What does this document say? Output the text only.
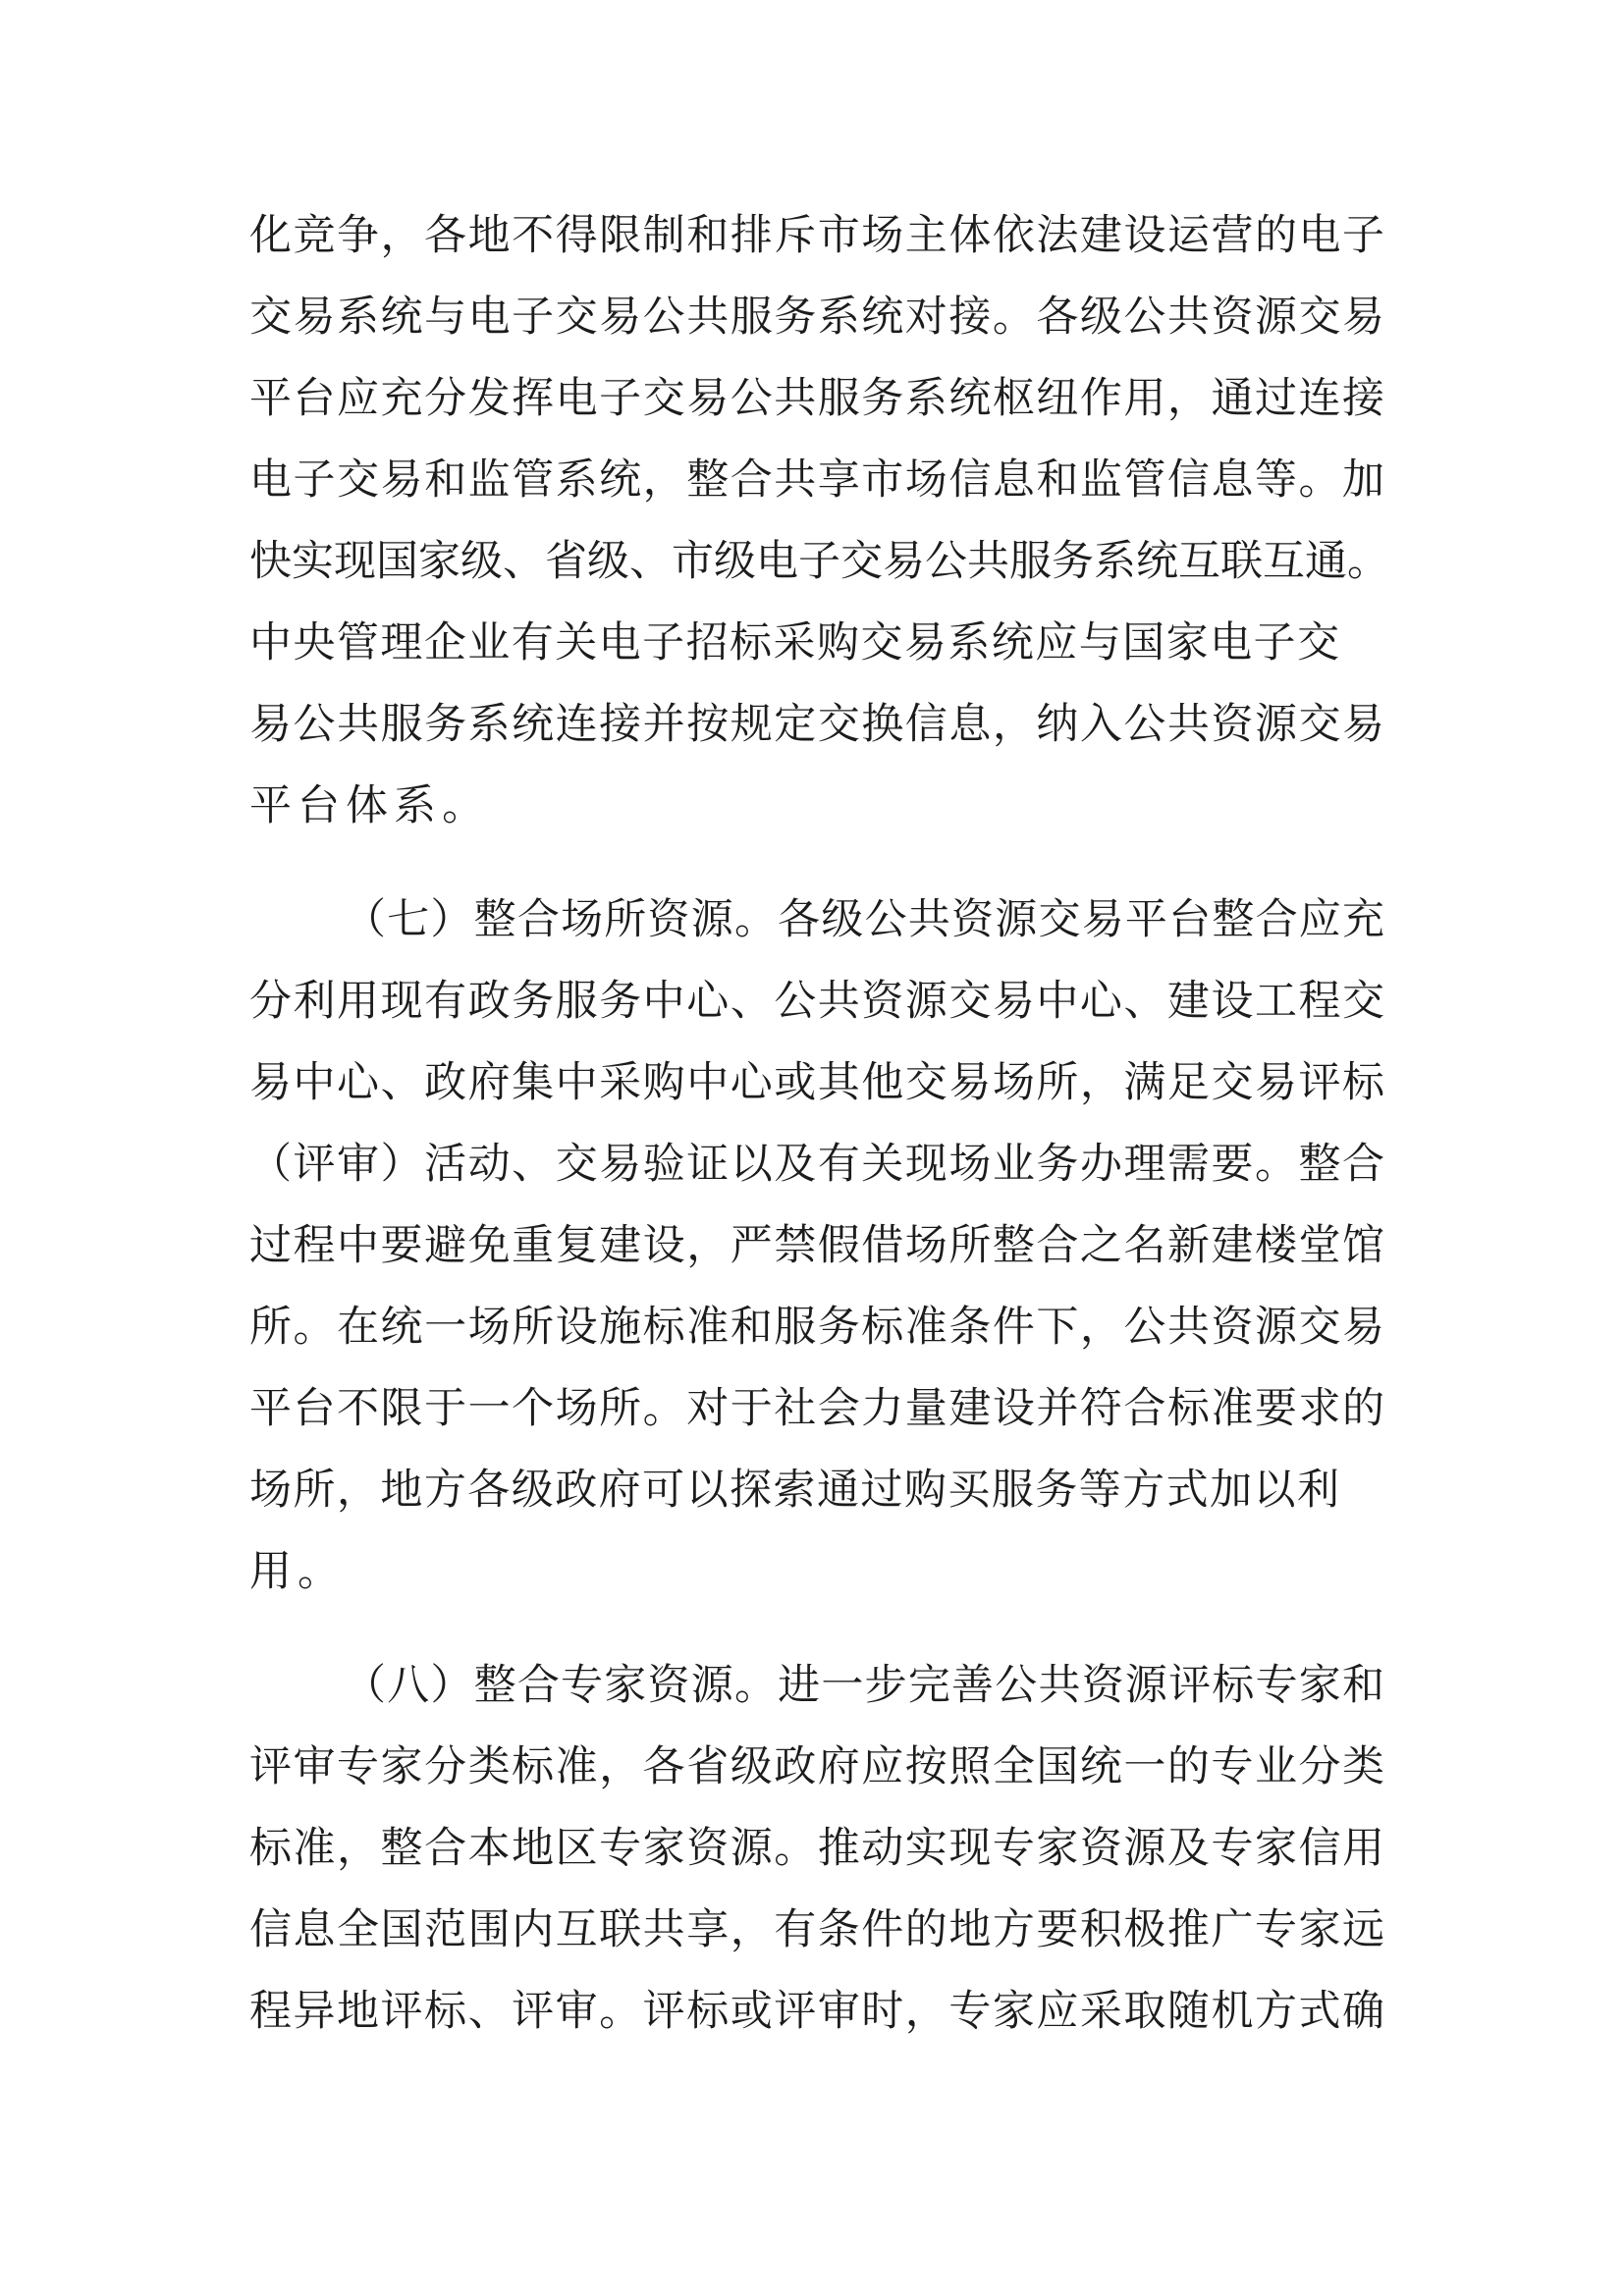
化竞争，各地不得限制和排斥市场主体依法建设运营的电子
交易系统与电子交易公共服务系统对接。各级公共资源交易
平台应充分发挥电子交易公共服务系统枢纽作用，通过连接
电子交易和监管系统，整合共享市场信息和监管信息等。加
快实现国家级、省级、市级电子交易公共服务系统互联互通。
中央管理企业有关电子招标采购交易系统应与国家电子交
易公共服务系统连接并按规定交换信息，纳入公共资源交易
平台体系。
（七）整合场所资源。各级公共资源交易平台整合应充
分利用现有政务服务中心、公共资源交易中心、建设工程交
易中心、政府集中采购中心或其他交易场所，满足交易评标
（评审）活动、交易验证以及有关现场业务办理需要。整合
过程中要避免重复建设，严禁假借场所整合之名新建楼堂馆
所。在统一场所设施标准和服务标准条件下，公共资源交易
平台不限于一个场所。对于社会力量建设并符合标准要求的
场所，地方各级政府可以探索通过购买服务等方式加以利
用。
（八）整合专家资源。进一步完善公共资源评标专家和
评审专家分类标准，各省级政府应按照全国统一的专业分类
标准，整合本地区专家资源。推动实现专家资源及专家信用
信息全国范围内互联共享，有条件的地方要积极推广专家远
程异地评标、评审。评标或评审时，专家应采取随机方式确
